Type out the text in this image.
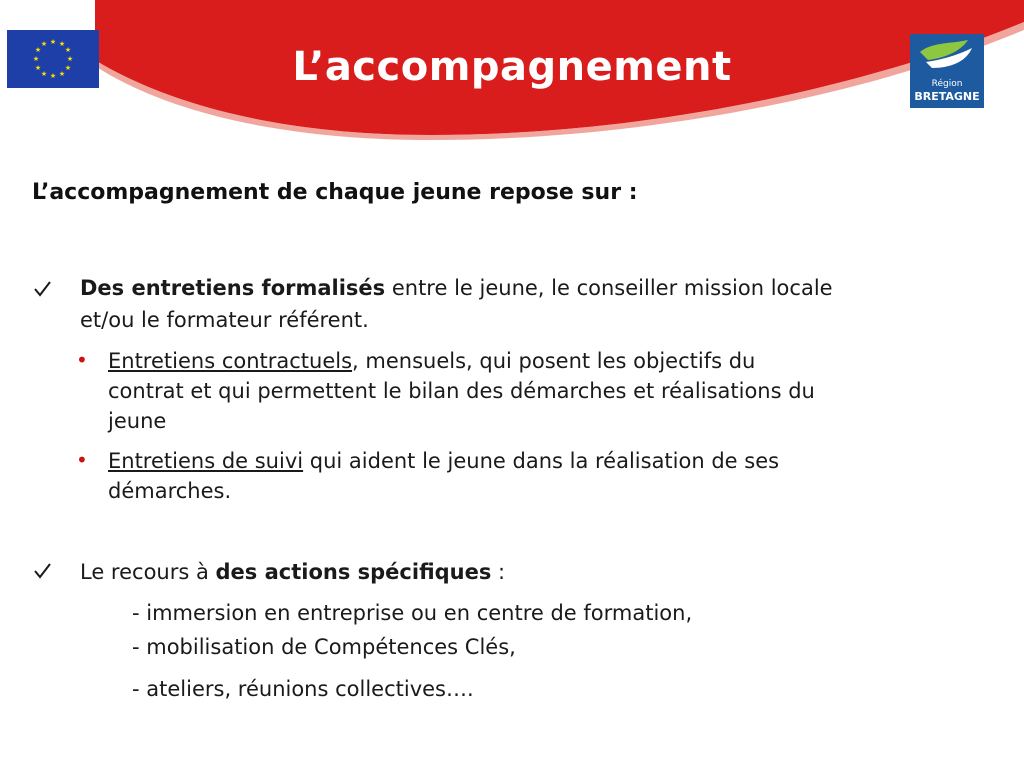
★ ★
★
★
★
★
★
★
★
★
★
★	L’accompagnement	Région
BRETAGNE
L’accompagnement de chaque jeune repose sur :
Des entretiens formalisés entre le jeune, le conseiller mission locale
et/ou le formateur référent.
• Entretiens contractuels, mensuels, qui posent les objectifs du
contrat et qui permettent le bilan des démarches et réalisations du
jeune
• Entretiens de suivi qui aident le jeune dans la réalisation de ses
démarches.
Le recours à des actions spécifiques :
- immersion en entreprise ou en centre de formation,
- mobilisation de Compétences Clés,
- ateliers, réunions collectives….
